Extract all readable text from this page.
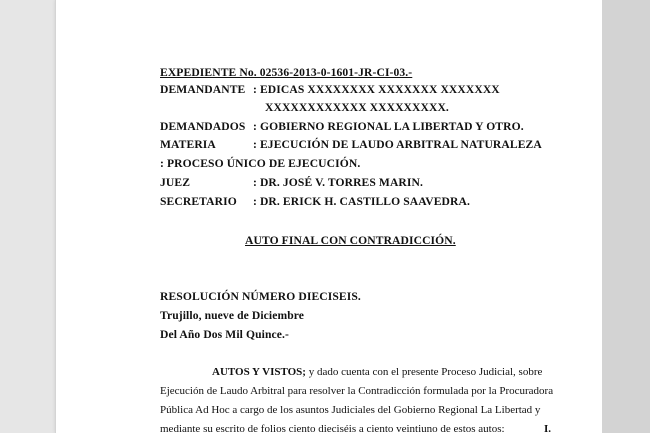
EXPEDIENTE No. 02536-2013-0-1601-JR-CI-03.-
DEMANDANTE : EDICAS XXXXXXXX XXXXXXX XXXXXXX
XXXXXXXXXXXX XXXXXXXXX.
DEMANDADOS : GOBIERNO REGIONAL LA LIBERTAD Y OTRO.
MATERIA	: EJECUCIÓN DE LAUDO ARBITRAL NATURALEZA
: PROCESO ÚNICO DE EJECUCIÓN.
JUEZ	: DR. JOSÉ V. TORRES MARIN.
SECRETARIO : DR. ERICK H. CASTILLO SAAVEDRA.
AUTO FINAL CON CONTRADICCIÓN.
RESOLUCIÓN NÚMERO DIECISEIS.
Trujillo, nueve de Diciembre
Del Año Dos Mil Quince.-
AUTOS Y VISTOS; y dado cuenta con el presente Proceso Judicial, sobre
Ejecución de Laudo Arbitral para resolver la Contradicción formulada por la Procuradora
Pública Ad Hoc a cargo de los asuntos Judiciales del Gobierno Regional La Libertad y
mediante su escrito de folios ciento dieciséis a ciento veintiuno de estos autos:	I.
